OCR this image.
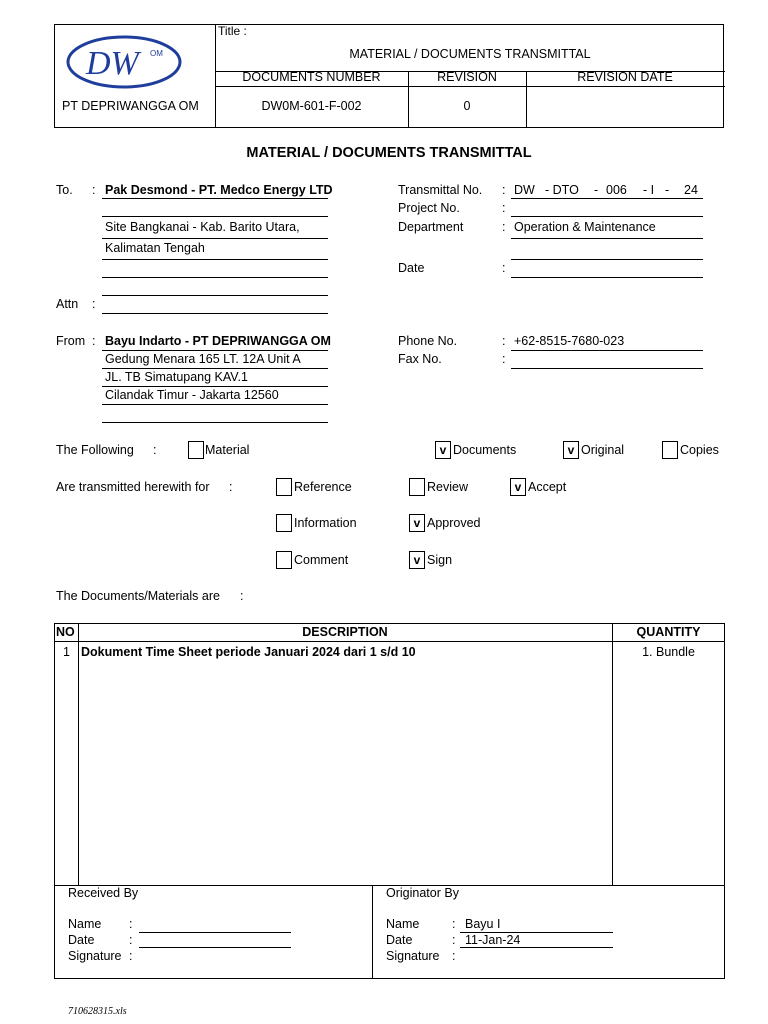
DW	OM
PT DEPRIWANGGA OM
Title :
MATERIAL / DOCUMENTS TRANSMITTAL
DOCUMENTS NUMBER	REVISION	REVISION DATE
DW0M-601-F-002	0
MATERIAL / DOCUMENTS TRANSMITTAL
To. : Pak Desmond - PT. Medco Energy LTD
Site Bangkanai - Kab. Barito Utara,
Kalimatan Tengah
Attn :
From : Bayu Indarto - PT DEPRIWANGGA OM
Gedung Menara 165 LT. 12A Unit A
JL. TB Simatupang KAV.1
Cilandak Timur - Jakarta 12560
Transmittal No. : DW - DTO - 006 - I - 24
Project No.	:
Department	: Operation & Maintenance
Date	:
Phone No.	: +62-8515-7680-023
Fax No.	:
The Following :	Material	v Documents	v Original	Copies
Are transmitted herewith for :	Reference	Review	v Accept
Information	v Approved
Comment	v Sign
The Documents/Materials are :
NO	DESCRIPTION	QUANTITY
1 Dokument Time Sheet periode Januari 2024 dari 1 s/d 10	1. Bundle
Received By
Name :
Date	:
Signature :
Originator By
Name	: Bayu I
Date	: 11-Jan-24
Signature :
710628315.xls
